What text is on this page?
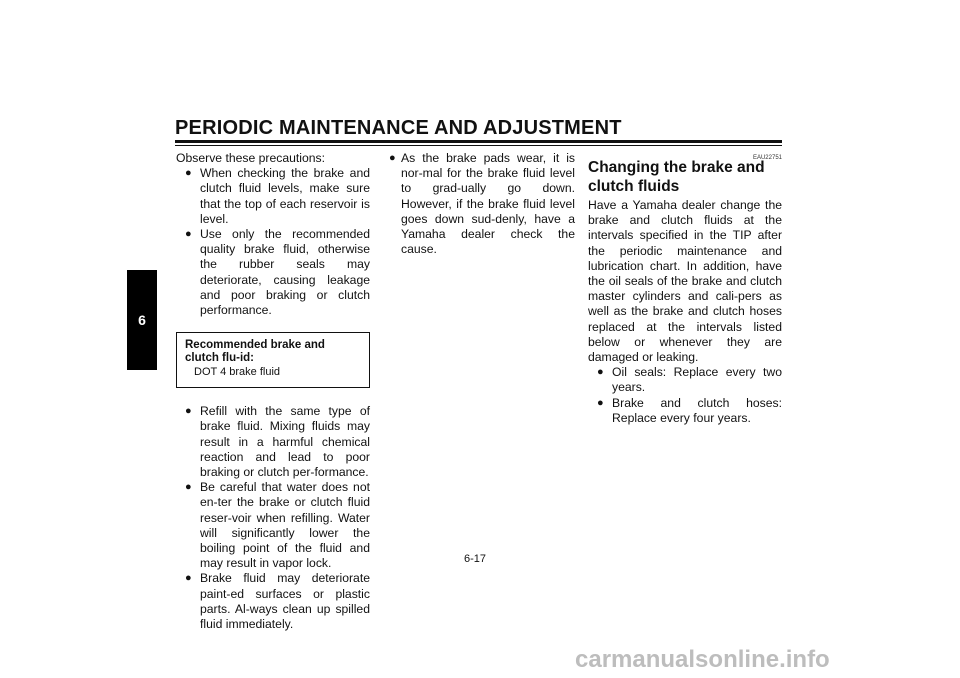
PERIODIC MAINTENANCE AND ADJUSTMENT
6

Observe these precautions:

● When checking the brake and clutch fluid levels, make sure that the top of each reservoir is level.
● Use only the recommended quality brake fluid, otherwise the rubber seals may deteriorate, causing leakage and poor braking or clutch performance.
Recommended brake and clutch flu-id:
DOT 4 brake fluid
● Refill with the same type of brake fluid. Mixing fluids may result in a harmful chemical reaction and lead to poor braking or clutch per-formance.
● Be careful that water does not en-ter the brake or clutch fluid reser-voir when refilling. Water will significantly lower the boiling point of the fluid and may result in vapor lock.
● Brake fluid may deteriorate paint-ed surfaces or plastic parts. Al-ways clean up spilled fluid immediately.
● As the brake pads wear, it is nor-mal for the brake fluid level to grad-ually go down. However, if the brake fluid level goes down sud-denly, have a Yamaha dealer check the cause.
EAU22751
Changing the brake and clutch fluids

Have a Yamaha dealer change the brake and clutch fluids at the intervals specified in the TIP after the periodic maintenance and lubrication chart. In addition, have the oil seals of the brake and clutch master cylinders and cali-pers as well as the brake and clutch hoses replaced at the intervals listed below or whenever they are damaged or leaking.

● Oil seals: Replace every two years.
● Brake and clutch hoses: Replace every four years.
6-17
carmanualsonline.info
